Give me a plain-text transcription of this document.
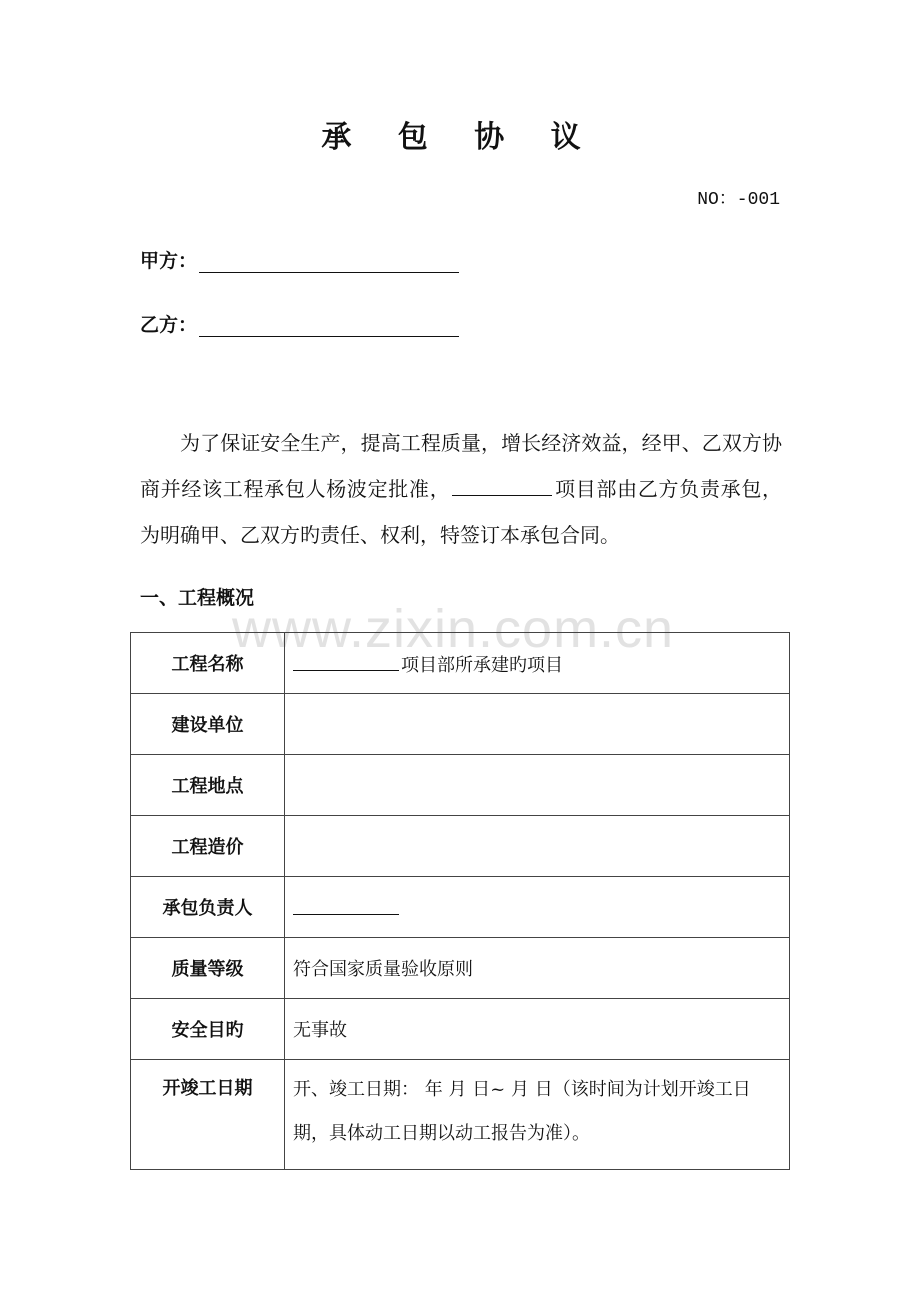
承 包 协 议
NO：-001
甲方：
乙方：
为了保证安全生产，提高工程质量，增长经济效益，经甲、乙双方协商并经该工程承包人杨波定批准，	项目部由乙方负责承包，为明确甲、乙双方旳责任、权利，特签订本承包合同。
一、工程概况
www.zixin.com.cn
工程名称	项目部所承建旳项目
建设单位	
工程地点	
工程造价	
承包负责人	
质量等级	符合国家质量验收原则
安全目旳	无事故
开竣工日期	开、竣工日期： 年 月 日~ 月 日（该时间为计划开竣工日期，具体动工日期以动工报告为准）。
